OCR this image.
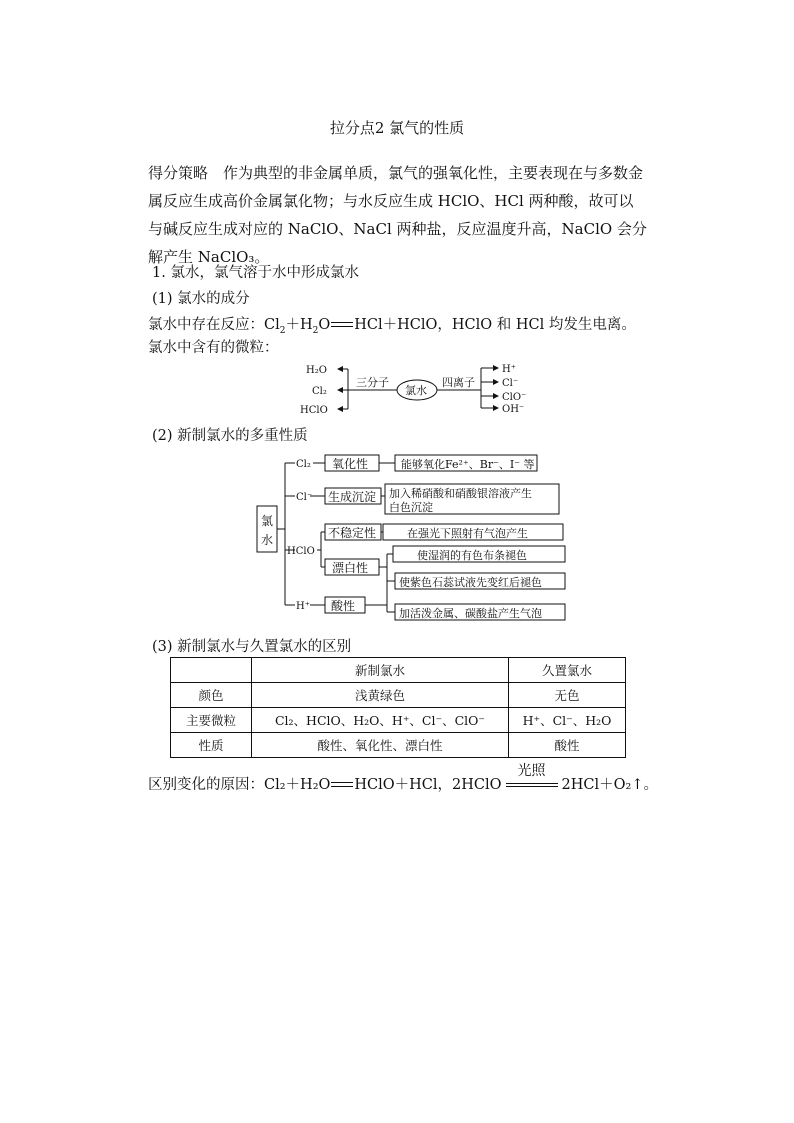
拉分点2 氯气的性质

得分策略　作为典型的非金属单质，氯气的强氧化性，主要表现在与多数金属反应生成高价金属氯化物；与水反应生成 HClO、HCl 两种酸，故可以与碱反应生成对应的 NaClO、NaCl 两种盐，反应温度升高，NaClO 会分解产生 NaClO₃。

1. 氯水，氯气溶于水中形成氯水
(1) 氯水的成分
氯水中存在反应：$Cl_2+H_2O$ HCl＋HClO，HClO 和 HCl 均发生电离。
氯水中含有的微粒：
H₂O
Cl₂
HClO
三分子
氯水
四离子
H⁺
Cl⁻
ClO⁻
OH⁻
(2) 新制氯水的多重性质
氯
水
Cl₂
Cl⁻
HClO
H⁺
氧化性
生成沉淀
不稳定性
漂白性
酸性
能够氧化Fe²⁺、Br⁻、I⁻ 等
加入稀硝酸和硝酸银溶液产生
白色沉淀
在强光下照射有气泡产生
使湿润的有色布条褪色
使紫色石蕊试液先变红后褪色
加活泼金属、碳酸盐产生气泡
(3) 新制氯水与久置氯水的区别
	新制氯水	久置氯水
颜色	浅黄绿色	无色
主要微粒	Cl₂、HClO、H₂O、H⁺、Cl⁻、ClO⁻	H⁺、Cl⁻、H₂O
性质	酸性、氧化性、漂白性	酸性
区别变化的原因：Cl₂＋H₂O HClO＋HCl，2HClO
光照
2HCl＋O₂↑。
